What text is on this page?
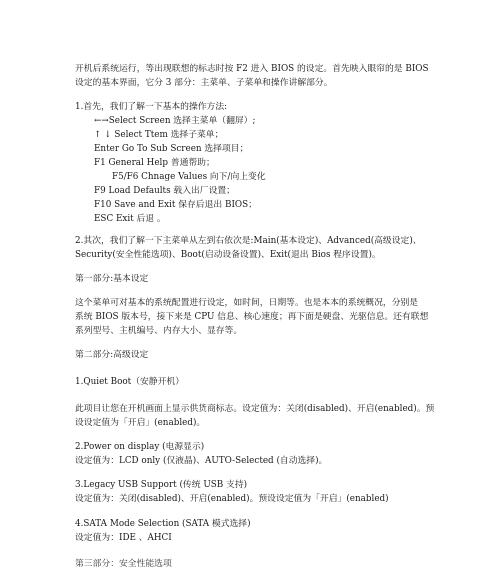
开机后系统运行，等出现联想的标志时按 F2 进入 BIOS 的设定。首先映入眼帘的是 BIOS
设定的基本界面，它分 3 部分：主菜单、子菜单和操作讲解部分。
1.首先，我们了解一下基本的操作方法:
←→Select Screen 选择主菜单（翻屏）;
↑ ↓ Select Ttem 选择子菜单；
Enter Go To Sub Screen 选择项目；
F1 General Help 普通帮助；
F5/F6 Chnage Values 向下/向上变化
F9 Load Defaults 载入出厂设置；
F10 Save and Exit 保存后退出 BIOS；
ESC Exit 后退 。
2.其次，我们了解一下主菜单从左到右依次是:Main(基本设定)、Advanced(高级设定)、
Security(安全性能选项)、Boot(启动设备设置)、Exit(退出 Bios 程序设置)。
第一部分:基本设定
这个菜单可对基本的系统配置进行设定，如时间，日期等。也是本本的系统概况，分别是
系统 BIOS 版本号，接下来是 CPU 信息、核心速度；再下面是硬盘、光驱信息。还有联想
系列型号、主机编号、内存大小、显存等。
第二部分:高级设定
1.Quiet Boot（安静开机）
此项目让您在开机画面上显示供货商标志。设定值为：关闭(disabled)、开启(enabled)。预
设设定值为「开启」(enabled)。
2.Power on display (电源显示)
设定值为：LCD only (仅液晶)、AUTO-Selected (自动选择)。
3.Legacy USB Support (传统 USB 支持)
设定值为：关闭(disabled)、开启(enabled)。预设设定值为「开启」(enabled)
4.SATA Mode Selection (SATA 模式选择)
设定值为：IDE 、AHCI
第三部分：安全性能选项
